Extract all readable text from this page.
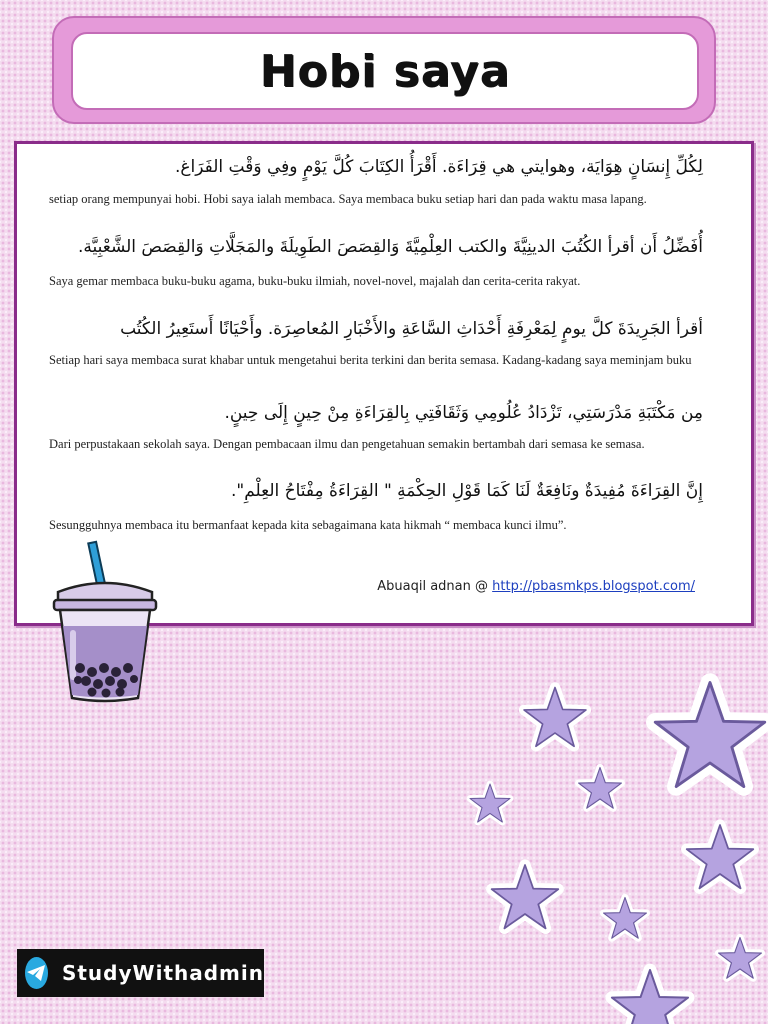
Hobi saya
لِكُلِّ إِنسَانٍ هِوَايَة، وهوايتي هي قِرَاءَة. أَقْرَأُ الكِتَابَ كُلَّ يَوْمٍ وفِي وَقْتِ الفَرَاغ.
setiap orang mempunyai hobi. Hobi saya ialah membaca. Saya membaca buku setiap hari dan pada waktu masa lapang.
أُفَضِّلُ أَن أقرأ الكُتُبَ الدينِيَّةَ والكتب العِلْمِيَّةَ وَالقِصَصَ الطَوِيلَةَ والمَجَلَّاتِ وَالقِصَصَ الشَّعْبِيَّة.
Saya gemar membaca buku-buku agama, buku-buku ilmiah, novel-novel, majalah dan cerita-cerita rakyat.
أقرأ الجَرِيدَةَ كلَّ يومٍ لِمَعْرِفَةِ أَحْدَاثِ السَّاعَةِ والأَخْبَارِ المُعاصِرَة. وأَحْيَانًا أَستَعِيرُ الكُتُب
Setiap hari saya membaca surat khabar untuk mengetahui berita terkini dan berita semasa. Kadang-kadang saya meminjam buku
مِن مَكْتَبَةِ مَدْرَسَتِي، تَزْدَادُ عُلُومِي وَثَقَافَتِي بِالقِرَاءَةِ مِنْ حِينٍ إِلَى حِينٍ.
Dari perpustakaan sekolah saya. Dengan pembacaan ilmu dan pengetahuan semakin bertambah dari semasa ke semasa.
إِنَّ القِرَاءَةَ مُفِيدَةٌ ونَافِعَةٌ لَنَا كَمَا قَوْلِ الحِكْمَةِ " القِرَاءَةُ مِفْتَاحُ العِلْمِ".
Sesungguhnya membaca itu bermanfaat kepada kita sebagaimana kata hikmah “ membaca kunci ilmu”.
Abuaqil adnan @ http://pbasmkps.blogspot.com/
StudyWithadmin
